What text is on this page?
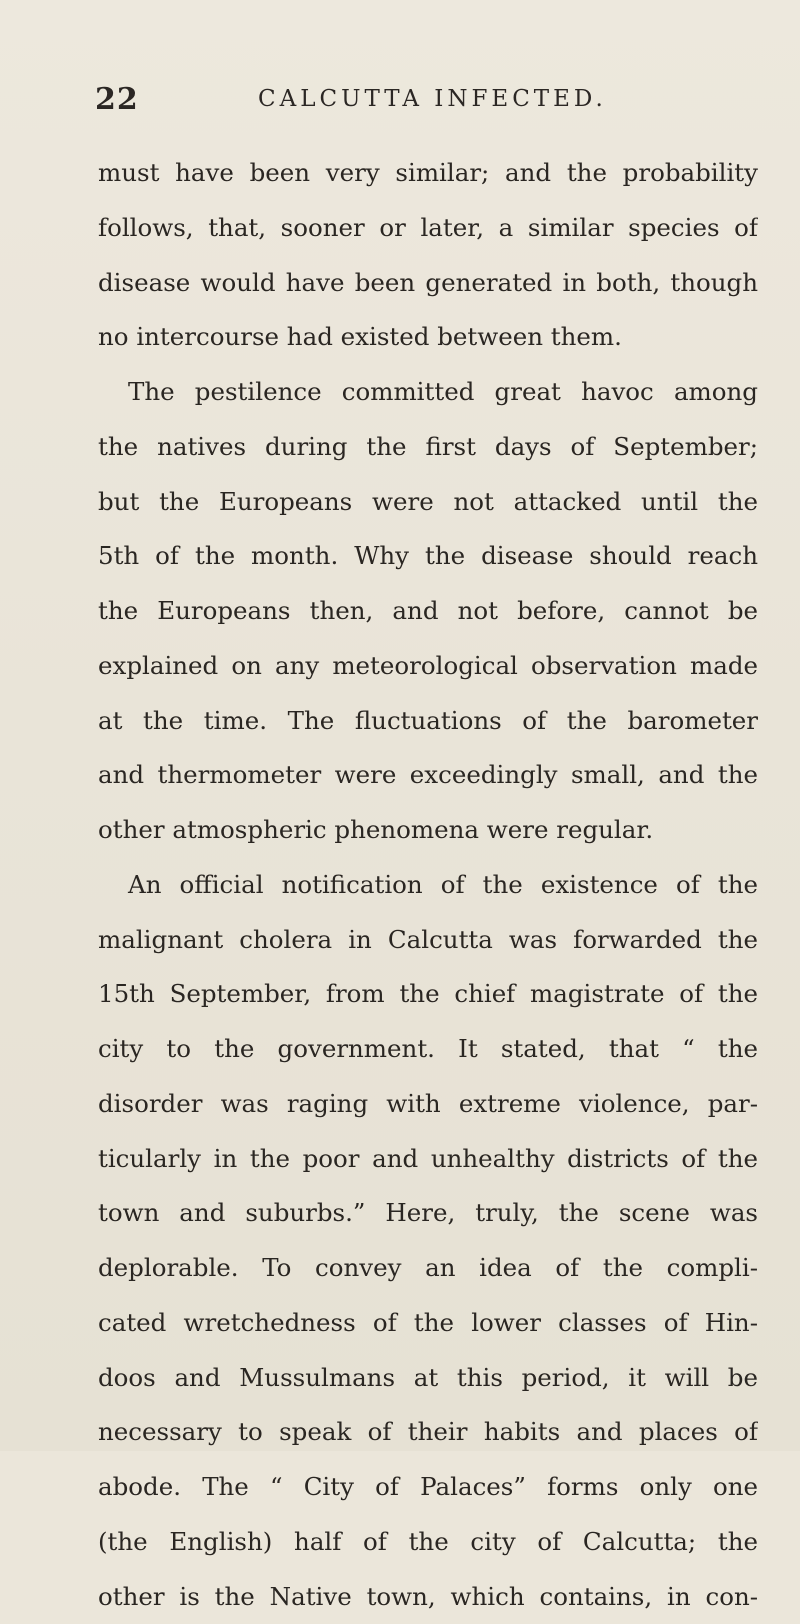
22	CALCUTTA INFECTED.
must have been very similar; and the probability
follows, that, sooner or later, a similar species of
disease would have been generated in both, though
no intercourse had existed between them.
The pestilence committed great havoc among
the natives during the first days of September;
but the Europeans were not attacked until the
5th of the month. Why the disease should reach
the Europeans then, and not before, cannot be
explained on any meteorological observation made
at the time. The fluctuations of the barometer
and thermometer were exceedingly small, and the
other atmospheric phenomena were regular.
An official notification of the existence of the
malignant cholera in Calcutta was forwarded the
15th September, from the chief magistrate of the
city to the government. It stated, that “ the
disorder was raging with extreme violence, par-
ticularly in the poor and unhealthy districts of the
town and suburbs.” Here, truly, the scene was
deplorable. To convey an idea of the compli-
cated wretchedness of the lower classes of Hin-
doos and Mussulmans at this period, it will be
necessary to speak of their habits and places of
abode. The “ City of Palaces” forms only one
(the English) half of the city of Calcutta; the
other is the Native town, which contains, in con-
